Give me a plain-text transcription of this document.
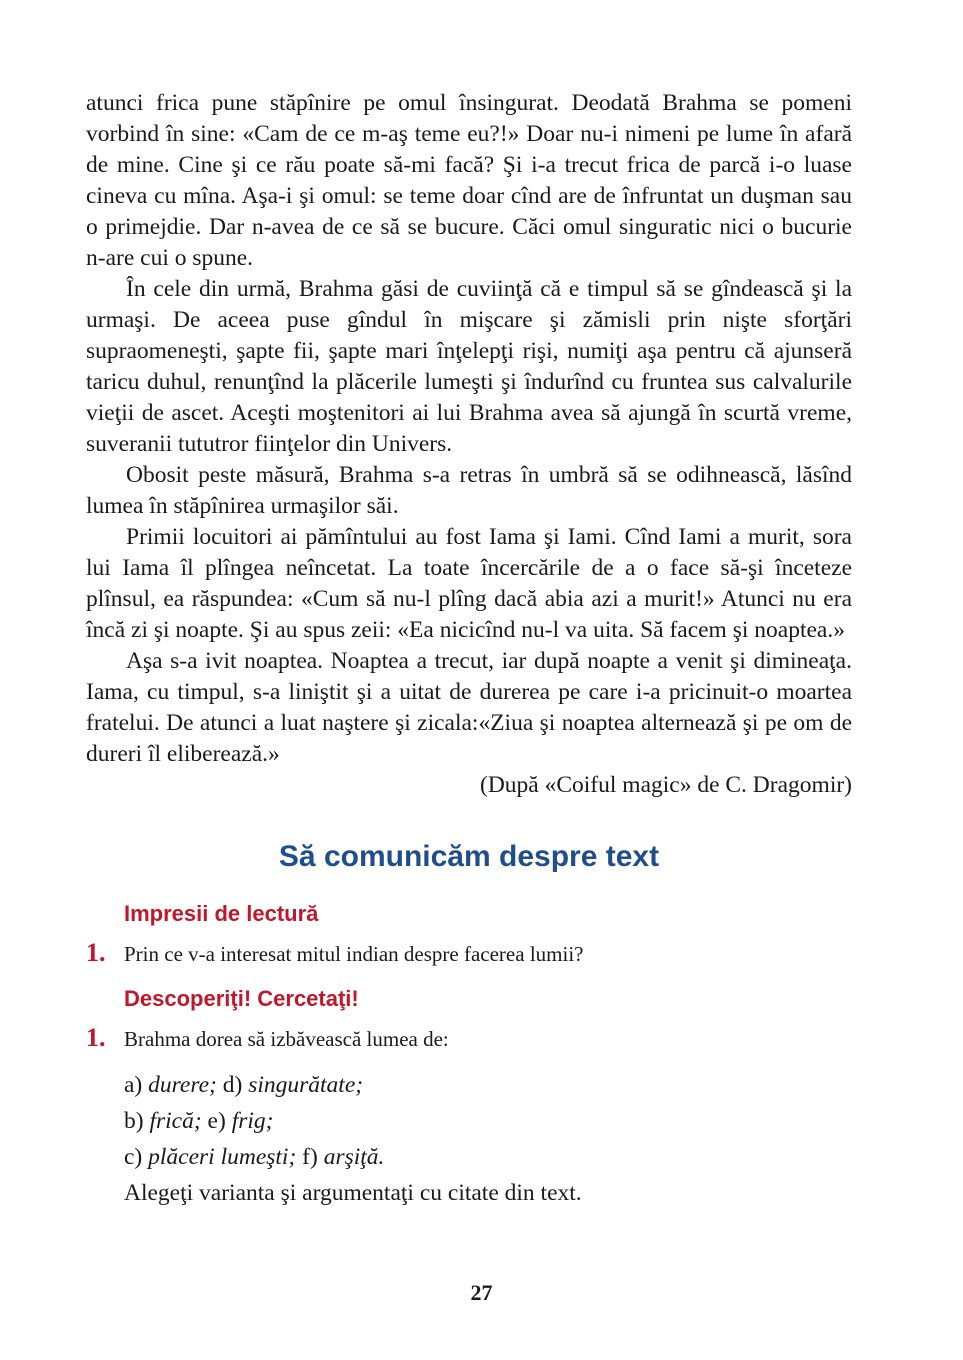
atunci frica pune stăpînire pe omul însingurat. Deodată Brahma se pomeni vorbind în sine: «Cam de ce m-aş teme eu?!» Doar nu-i nimeni pe lume în afară de mine. Cine şi ce rău poate să-mi facă? Şi i-a trecut frica de parcă i-o luase cineva cu mîna. Aşa-i şi omul: se teme doar cînd are de înfruntat un duşman sau o primejdie. Dar n-avea de ce să se bucure. Căci omul singuratic nici o bucurie n-are cui o spune.

În cele din urmă, Brahma găsi de cuviinţă că e timpul să se gîndească şi la urmaşi. De aceea puse gîndul în mişcare şi zămisli prin nişte sforţări supraomeneşti, şapte fii, şapte mari înţelepţi rişi, numiţi aşa pentru că ajunseră taricu duhul, renunţînd la plăcerile lumeşti şi îndurînd cu fruntea sus calvalurile vieţii de ascet. Aceşti moştenitori ai lui Brahma avea să ajungă în scurtă vreme, suveranii tututror fiinţelor din Univers.

Obosit peste măsură, Brahma s-a retras în umbră să se odihnească, lăsînd lumea în stăpînirea urmaşilor săi.

Primii locuitori ai pămîntului au fost Iama şi Iami. Cînd Iami a murit, sora lui Iama îl plîngea neîncetat. La toate încercările de a o face să-şi înceteze plînsul, ea răspundea: «Cum să nu-l plîng dacă abia azi a murit!» Atunci nu era încă zi şi noapte. Şi au spus zeii: «Ea nicicînd nu-l va uita. Să facem şi noaptea.»

Aşa s-a ivit noaptea. Noaptea a trecut, iar după noapte a venit şi dimineaţa. Iama, cu timpul, s-a liniştit şi a uitat de durerea pe care i-a pricinuit-o moartea fratelui. De atunci a luat naştere şi zicala:«Ziua şi noaptea alternează şi pe om de dureri îl eliberează.»

(După «Coiful magic» de C. Dragomir)

Să comunicăm despre text
Impresii de lectură
1. Prin ce v-a interesat mitul indian despre facerea lumii?
Descoperiţi! Cercetaţi!
1. Brahma dorea să izbăvească lumea de:
a) durere; d) singurătate;
b) frică; e) frig;
c) plăceri lumeşti; f) arşiţă.
Alegeţi varianta şi argumentaţi cu citate din text.
27
